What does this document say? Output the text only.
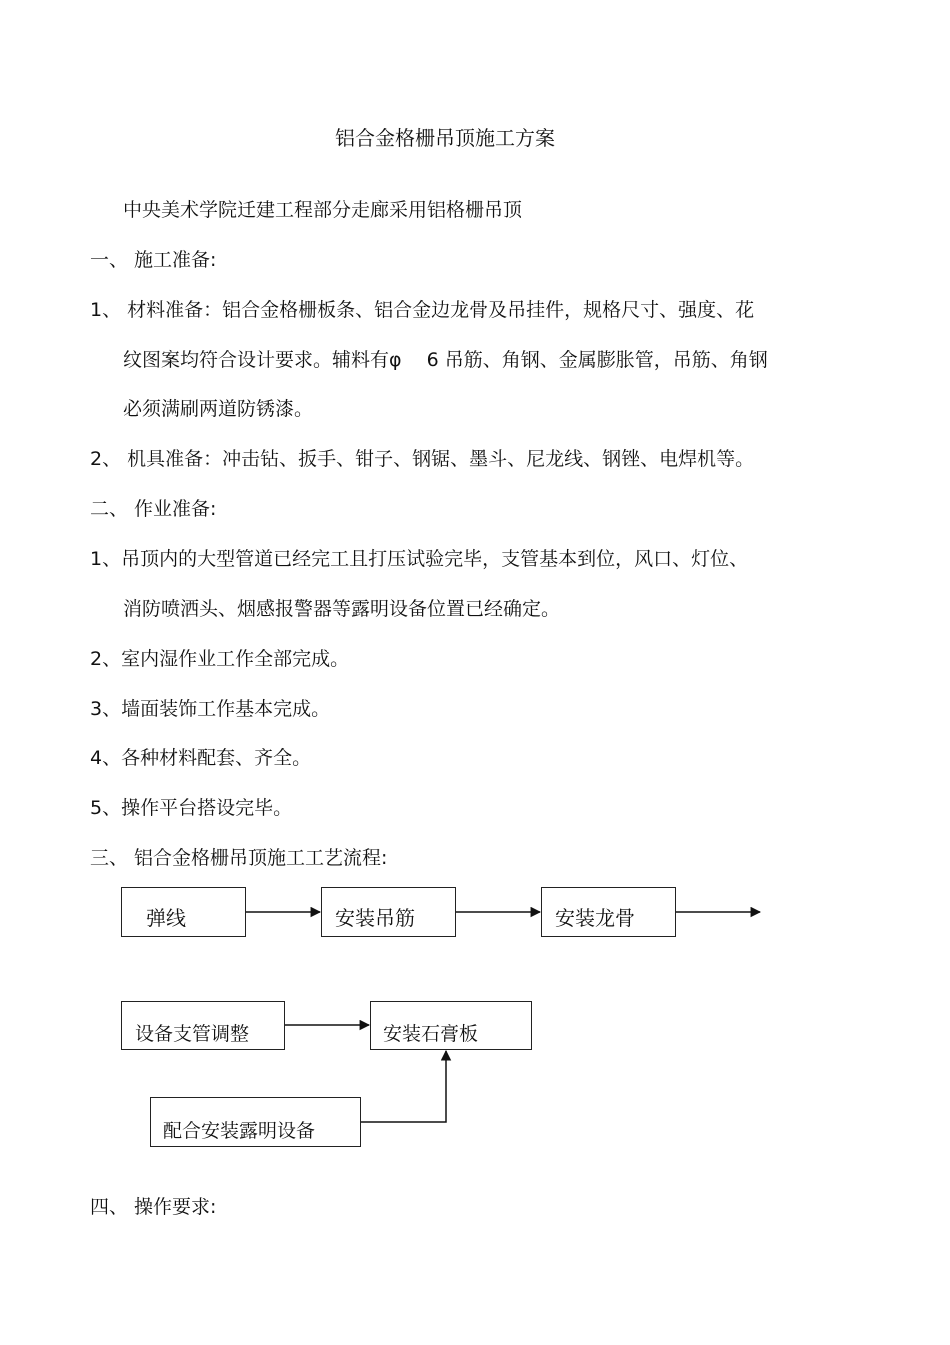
铝合金格栅吊顶施工方案
中央美术学院迁建工程部分走廊采用铝格栅吊顶
一、 施工准备:
1、 材料准备：铝合金格栅板条、铝合金边龙骨及吊挂件，规格尺寸、强度、花
纹图案均符合设计要求。辅料有φ　 6 吊筋、角钢、金属膨胀管，吊筋、角钢
必须满刷两道防锈漆。
2、 机具准备：冲击钻、扳手、钳子、钢锯、墨斗、尼龙线、钢锉、电焊机等。
二、 作业准备:
1、吊顶内的大型管道已经完工且打压试验完毕，支管基本到位，风口、灯位、
消防喷洒头、烟感报警器等露明设备位置已经确定。
2、室内湿作业工作全部完成。
3、墙面装饰工作基本完成。
4、各种材料配套、齐全。
5、操作平台搭设完毕。
三、 铝合金格栅吊顶施工工艺流程:
弹线	安装吊筋	安装龙骨
设备支管调整	安装石膏板
配合安装露明设备
四、 操作要求:
